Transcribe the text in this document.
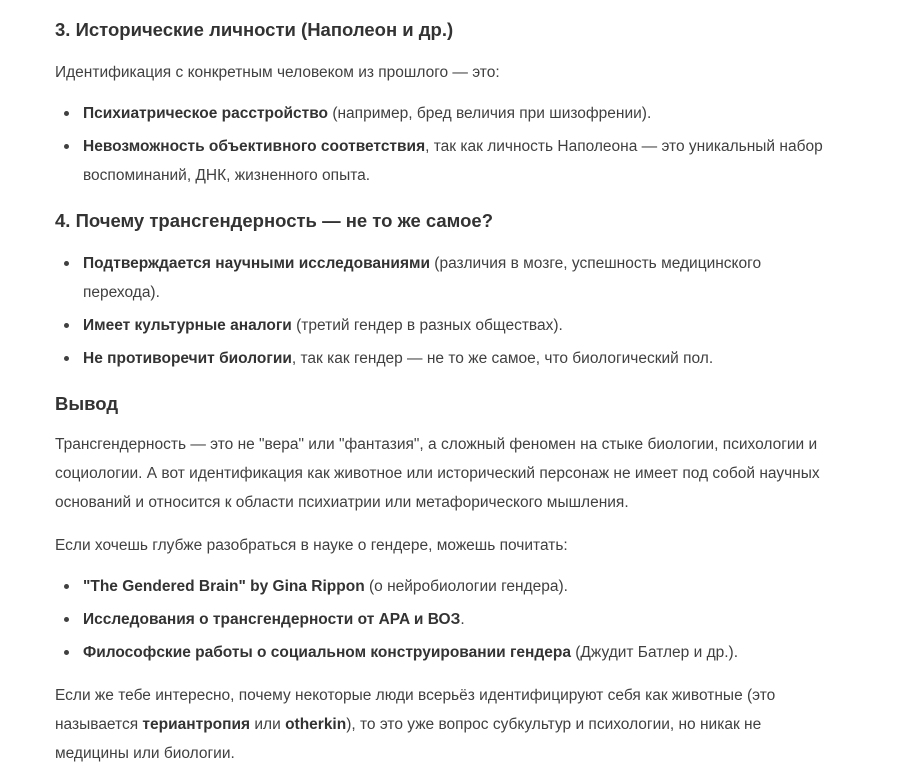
3. Исторические личности (Наполеон и др.)

Идентификация с конкретным человеком из прошлого — это:

Психиатрическое расстройство (например, бред величия при шизофрении).
Невозможность объективного соответствия, так как личность Наполеона — это уникальный набор воспоминаний, ДНК, жизненного опыта.
4. Почему трансгендерность — не то же самое?
Подтверждается научными исследованиями (различия в мозге, успешность медицинского перехода).
Имеет культурные аналоги (третий гендер в разных обществах).
Не противоречит биологии, так как гендер — не то же самое, что биологический пол.
Вывод

Трансгендерность — это не "вера" или "фантазия", а сложный феномен на стыке биологии, психологии и социологии. А вот идентификация как животное или исторический персонаж не имеет под собой научных оснований и относится к области психиатрии или метафорического мышления.

Если хочешь глубже разобраться в науке о гендере, можешь почитать:

"The Gendered Brain" by Gina Rippon (о нейробиологии гендера).
Исследования о трансгендерности от APA и ВОЗ.
Философские работы о социальном конструировании гендера (Джудит Батлер и др.).

Если же тебе интересно, почему некоторые люди всерьёз идентифицируют себя как животные (это называется териантропия или otherkin), то это уже вопрос субкультур и психологии, но никак не медицины или биологии.
